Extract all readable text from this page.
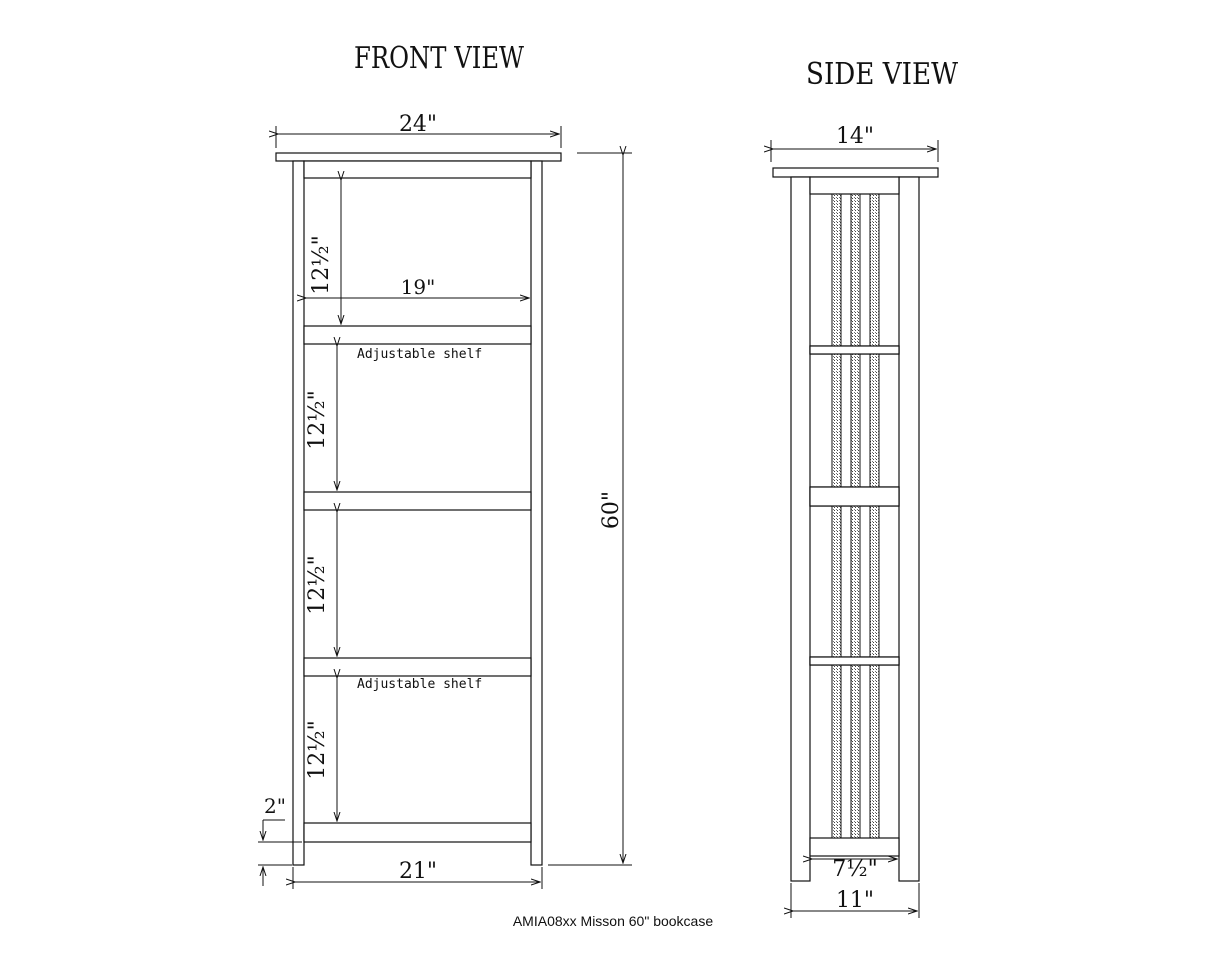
FRONT VIEW
24"
Adjustable shelf
Adjustable shelf
19"
12½"
12½"
12½"
12½"
60"
2"
21"
SIDE VIEW
14"
7½"
11"
AMIA08xx Misson 60" bookcase
